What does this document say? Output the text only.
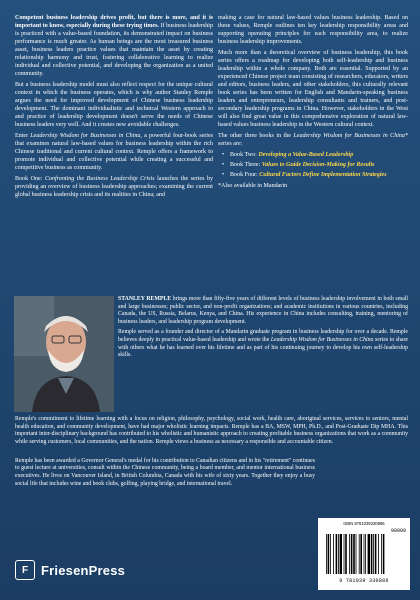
Competent business leadership drives profit, but there is more, and it is important to know, especially during these trying times. If business leadership is practiced with a value-based foundation, its demonstrated impact on business performance is much greater. As human beings are the most treasured business asset, business leaders practice values that maintain the asset by creating relationship harmony and trust, fostering collaborative learning to realize individual and collective potential, and developing the organization as a united community.

But a business leadership model must also reflect respect for the unique cultural context in which the business operates, which is why author Stanley Remple argues the need for improved development of Chinese business leadership development. The dominant individualistic and technical Western approach to and practice of leadership development doesn't serve the needs of Chinese business leaders very well. And it creates new avoidable challenges.

Enter Leadership Wisdom for Businesses in China, a powerful four-book series that examines natural law-based values for business leadership within the rich Chinese traditional and current cultural context. Remple offers a framework to promote individual and collective potential while creating a successful and competitive business as community.

Book One: Confronting the Business Leadership Crisis launches the series by providing an overview of business leadership approaches; examining the current global business leadership crisis and its realities in China; and

making a case for natural law-based values business leadership. Based on these values, Remple outlines ten key leadership responsibility areas and supporting operating principles for each responsibility area, to realize business leadership improvements.

Much more than a theoretical overview of business leadership, this book series offers a roadmap for developing both self-leadership and business leadership within a whole company. Both are essential. Supported by an experienced Chinese project team consisting of researchers, educators, writers and editors, business leaders, and other stakeholders, this culturally relevant book series has been written for English and Mandarin-speaking business leaders and entrepreneurs, leadership consultants and trainers, and post-secondary leadership programs in China. However, stakeholders in the West will also find great value in this comprehensive exploration of natural law-based values business leadership in the Western cultural context.

The other three books in the Leadership Wisdom for Businesses in China* series are:

• Book Two: Developing a Value-Based Leadership
• Book Three: Values to Guide Decision-Making for Results
• Book Four: Cultural Factors Define Implementation Strategies

*Also available in Mandarin

STANLEY REMPLE brings more than fifty-five years of different levels of business leadership involvement in both small and large businesses; public sector, and non-profit organizations; and academic institutions in various countries, including Canada, the US, Russia, Belarus, Kenya, and China. His experience in China includes consulting, training, mentoring of business leaders, and leadership program development.

Remple served as a founder and director of a Mandarin graduate program in business leadership for over a decade. Remple believes deeply in practical value-based leadership and wrote the Leadership Wisdom for Businesses in China series to share with others what he has learned over his lifetime and as part of his continuing journey to develop his own self-leadership skills.

Remple's commitment to lifetime learning with a focus on religion, philosophy, psychology, social work, health care, aboriginal services, services to seniors, mental health education, and community development, have had major wholistic learning impacts. Remple has a BA, MSW, MPH, Ph.D., and Post-Graduate Dip MHA. This important inter-disciplinary background has contributed to his wholistic and humanistic approach to creating profitable business organizations that work as a community while serving customers, local communities, and the nation. Remple views a business as necessary a responsible and accountable citizen.

Remple has been awarded a Governor General's medal for his contribution to Canadian citizens and in his "retirement" continues to guest lecture at universities, consult within the Chinese community, being a board member, and mentor international business executives. He lives on Vancouver Island, in British Columbia, Canada with his wife of sixty years. Together they enjoy a busy social life that includes wine and book clubs, golfing, playing bridge, and international travel.

F FriesenPress
ISBN 9781039330886
90000
9 781039 330886
